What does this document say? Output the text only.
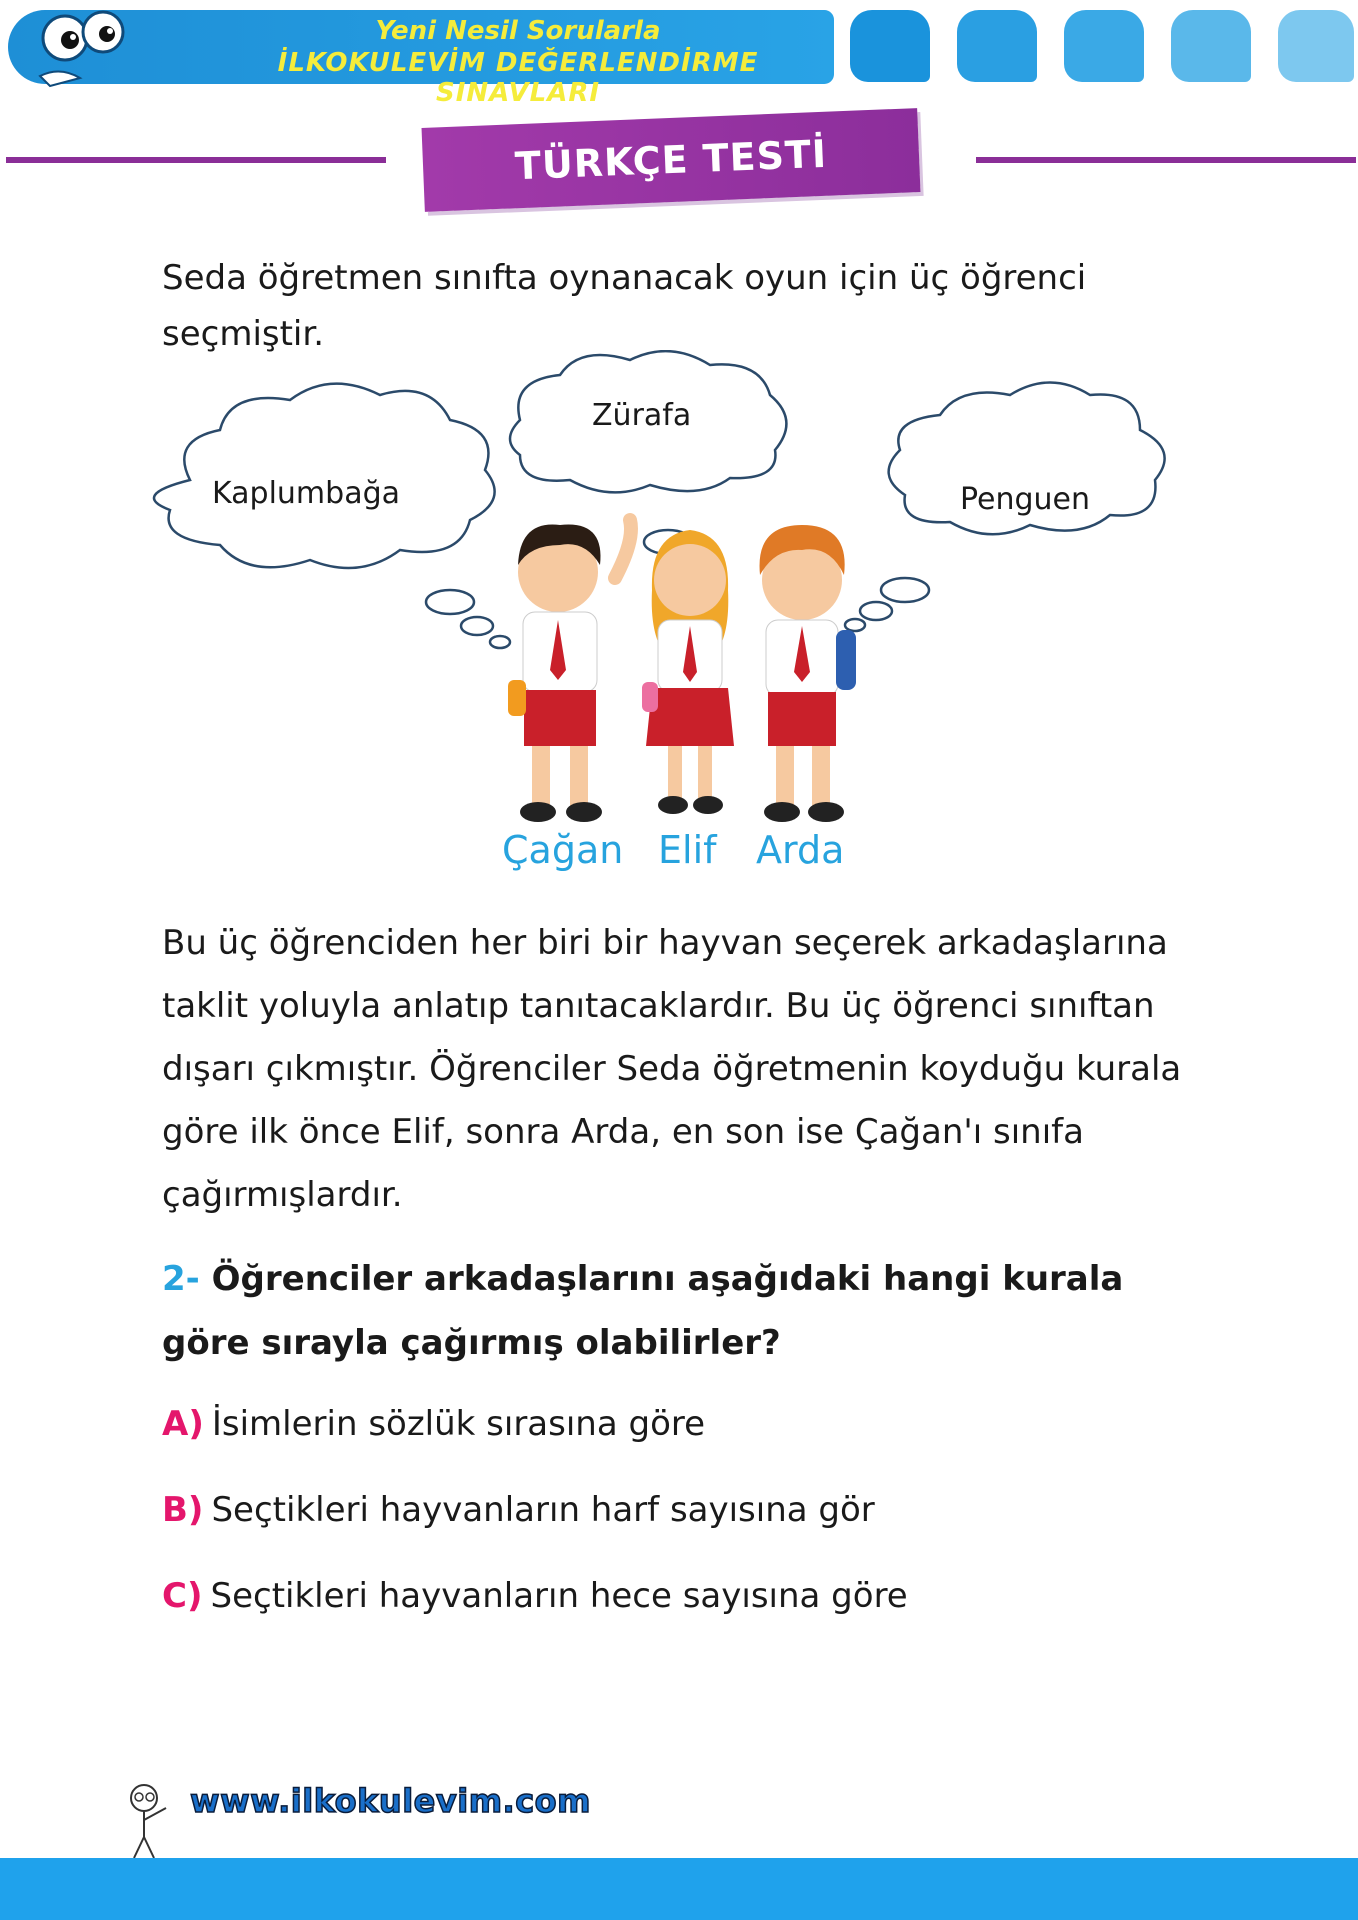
Yeni Nesil Sorularla
İLKOKULEVİM DEĞERLENDİRME SINAVLARI
TÜRKÇE TESTİ
Seda öğretmen sınıfta oynanacak oyun için üç öğrenci seçmiştir.
Kaplumbağa
Zürafa
Penguen
Çağan Elif Arda
Bu üç öğrenciden her biri bir hayvan seçerek arkadaşlarına taklit yoluyla anlatıp tanıtacaklardır. Bu üç öğrenci sınıftan dışarı çıkmıştır. Öğrenciler Seda öğretmenin koyduğu kurala göre ilk önce Elif, sonra Arda, en son ise Çağan'ı sınıfa çağırmışlardır.
2- Öğrenciler arkadaşlarını aşağıdaki hangi kurala göre sırayla çağırmış olabilirler?
A) İsimlerin sözlük sırasına göre
B) Seçtikleri hayvanların harf sayısına gör
C) Seçtikleri hayvanların hece sayısına göre
www.ilkokulevim.com
